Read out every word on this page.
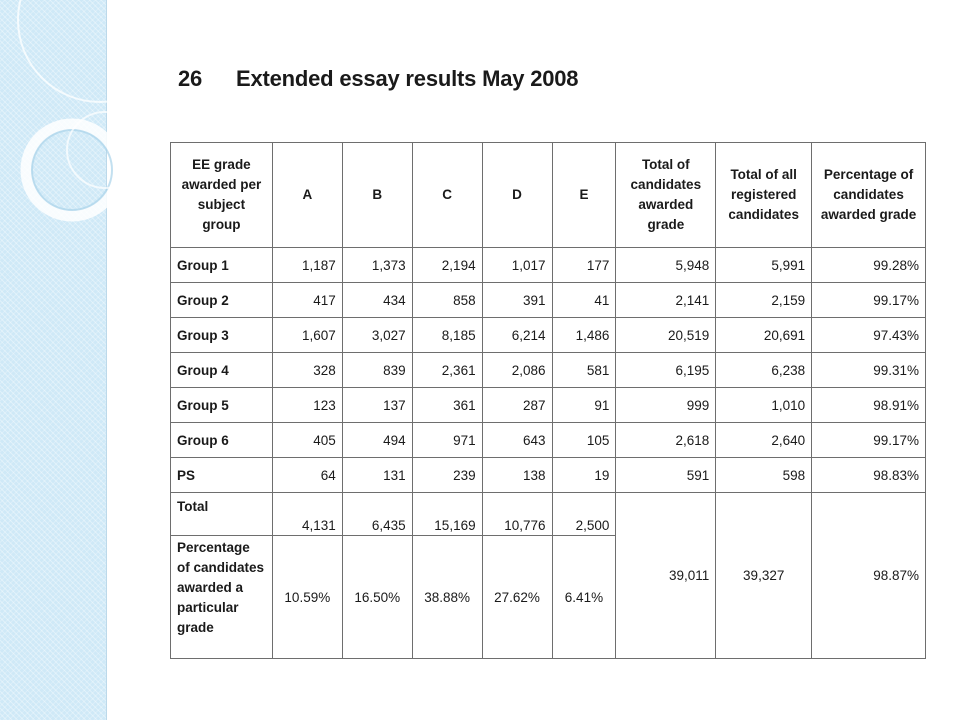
26 Extended essay results May 2008
EE grade awarded per subject group	A	B	C	D	E	Total of candidates awarded grade	Total of all registered candidates	Percentage of candidates awarded grade
Group 1	1,187	1,373	2,194	1,017	177	5,948	5,991	99.28%
Group 2	417	434	858	391	41	2,141	2,159	99.17%
Group 3	1,607	3,027	8,185	6,214	1,486	20,519	20,691	97.43%
Group 4	328	839	2,361	2,086	581	6,195	6,238	99.31%
Group 5	123	137	361	287	91	999	1,010	98.91%
Group 6	405	494	971	643	105	2,618	2,640	99.17%
PS	64	131	239	138	19	591	598	98.83%
Total	4,131	6,435	15,169	10,776	2,500	39,011	39,327	98.87%
Percentage of candidates awarded a particular grade	10.59%	16.50%	38.88%	27.62%	6.41%			
